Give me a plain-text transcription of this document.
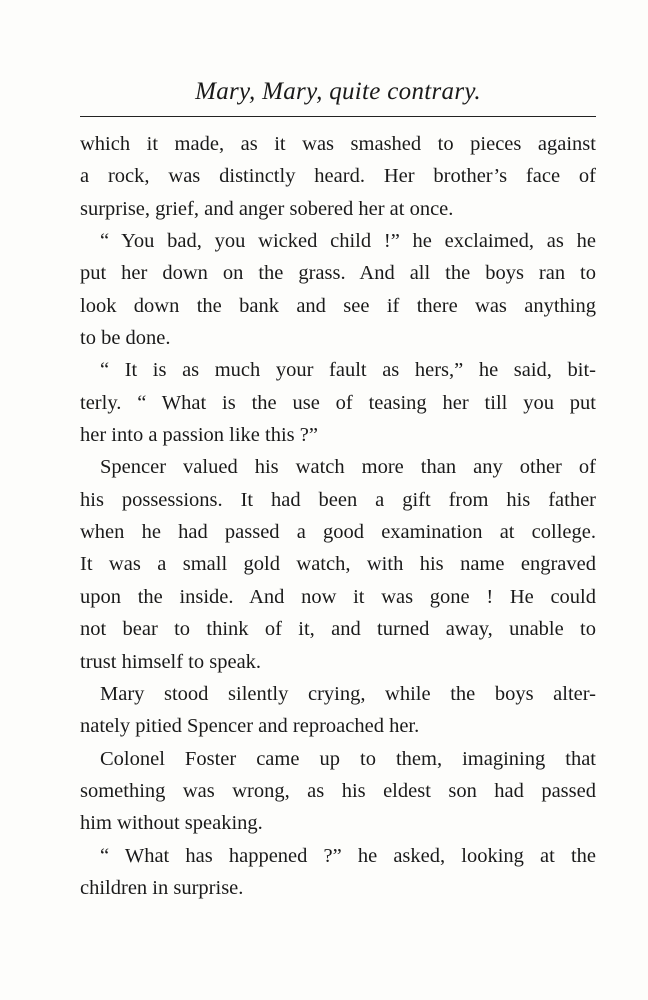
Mary, Mary, quite contrary.
which it made, as it was smashed to pieces against
a rock, was distinctly heard. Her brother’s face of
surprise, grief, and anger sobered her at once.
“ You bad, you wicked child !” he exclaimed, as he
put her down on the grass. And all the boys ran to
look down the bank and see if there was anything
to be done.
“ It is as much your fault as hers,” he said, bit-
terly. “ What is the use of teasing her till you put
her into a passion like this ?”
Spencer valued his watch more than any other of
his possessions. It had been a gift from his father
when he had passed a good examination at college.
It was a small gold watch, with his name engraved
upon the inside. And now it was gone ! He could
not bear to think of it, and turned away, unable to
trust himself to speak.
Mary stood silently crying, while the boys alter-
nately pitied Spencer and reproached her.
Colonel Foster came up to them, imagining that
something was wrong, as his eldest son had passed
him without speaking.
“ What has happened ?” he asked, looking at the
children in surprise.
